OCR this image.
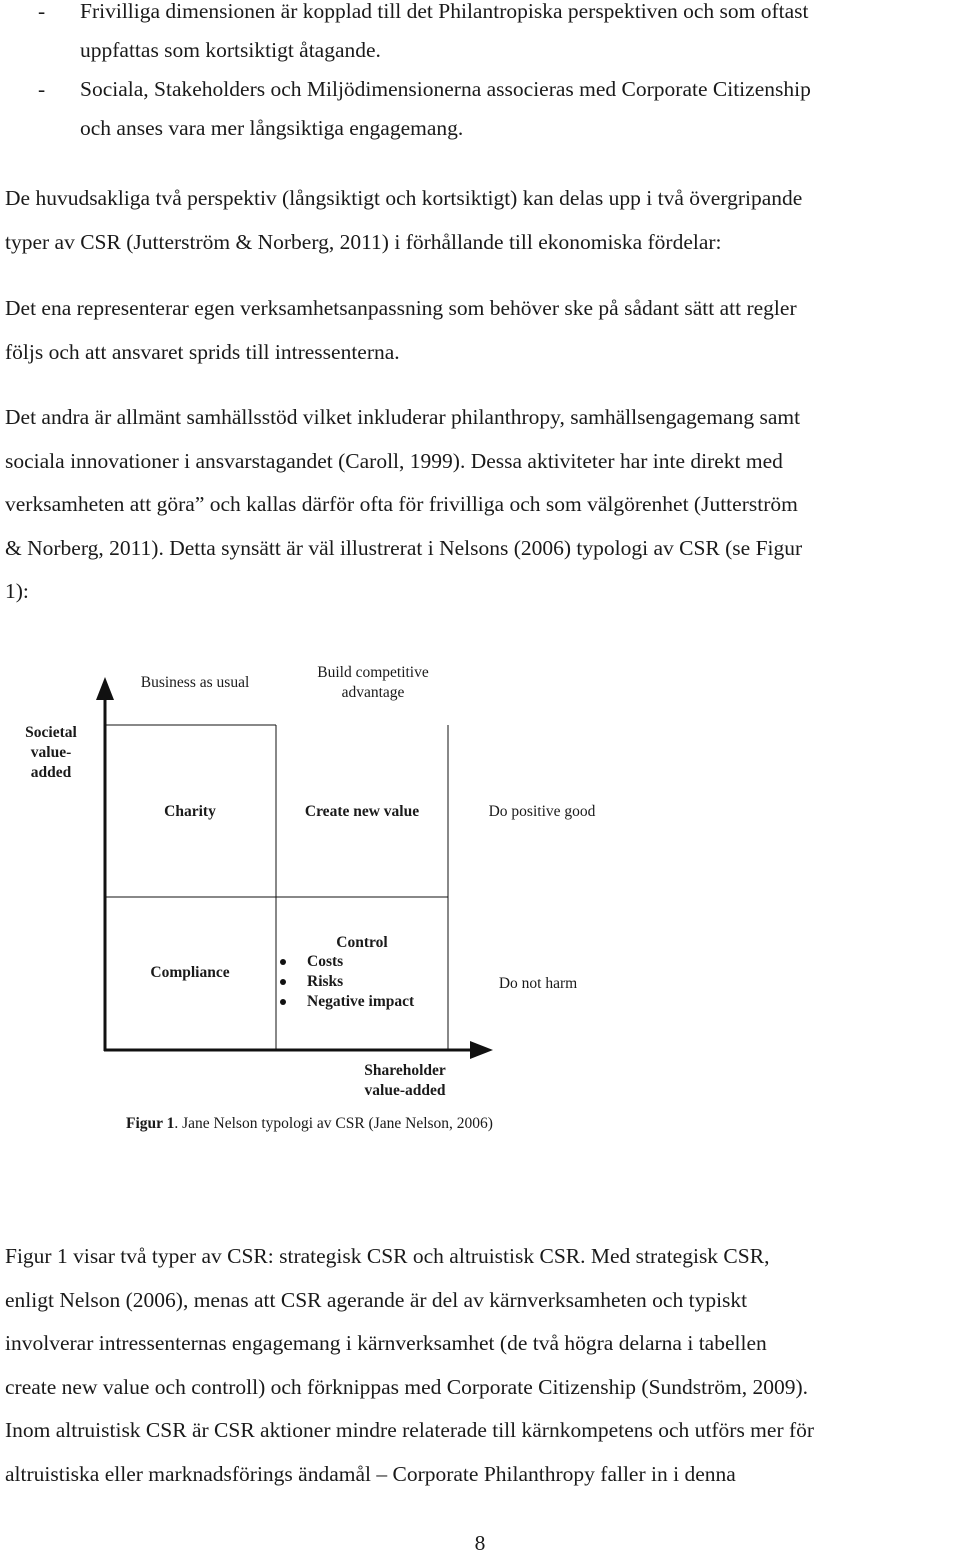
- Frivilliga dimensionen är kopplad till det Philantropiska perspektiven och som oftast
uppfattas som kortsiktigt åtagande.
- Sociala, Stakeholders och Miljödimensionerna associeras med Corporate Citizenship
och anses vara mer långsiktiga engagemang.
De huvudsakliga två perspektiv (långsiktigt och kortsiktigt) kan delas upp i två övergripande
typer av CSR (Jutterström & Norberg, 2011) i förhållande till ekonomiska fördelar:
Det ena representerar egen verksamhetsanpassning som behöver ske på sådant sätt att regler
följs och att ansvaret sprids till intressenterna.
Det andra är allmänt samhällsstöd vilket inkluderar philanthropy, samhällsengagemang samt
sociala innovationer i ansvarstagandet (Caroll, 1999). Dessa aktiviteter har inte direkt med
verksamheten att göra” och kallas därför ofta för frivilliga och som välgörenhet (Jutterström
& Norberg, 2011). Detta synsätt är väl illustrerat i Nelsons (2006) typologi av CSR (se Figur
1):
Business as usual
Build competitive
advantage
Societal
value-
added
Charity	Create new value	Do positive good
Compliance
Control
Costs
Risks
Negative impact
Do not harm
Shareholder
value-added
Figur 1. Jane Nelson typologi av CSR (Jane Nelson, 2006)
Figur 1 visar två typer av CSR: strategisk CSR och altruistisk CSR. Med strategisk CSR,
enligt Nelson (2006), menas att CSR agerande är del av kärnverksamheten och typiskt
involverar intressenternas engagemang i kärnverksamhet (de två högra delarna i tabellen
create new value och controll) och förknippas med Corporate Citizenship (Sundström, 2009).
Inom altruistisk CSR är CSR aktioner mindre relaterade till kärnkompetens och utförs mer för
altruistiska eller marknadsförings ändamål – Corporate Philanthropy faller in i denna
8
